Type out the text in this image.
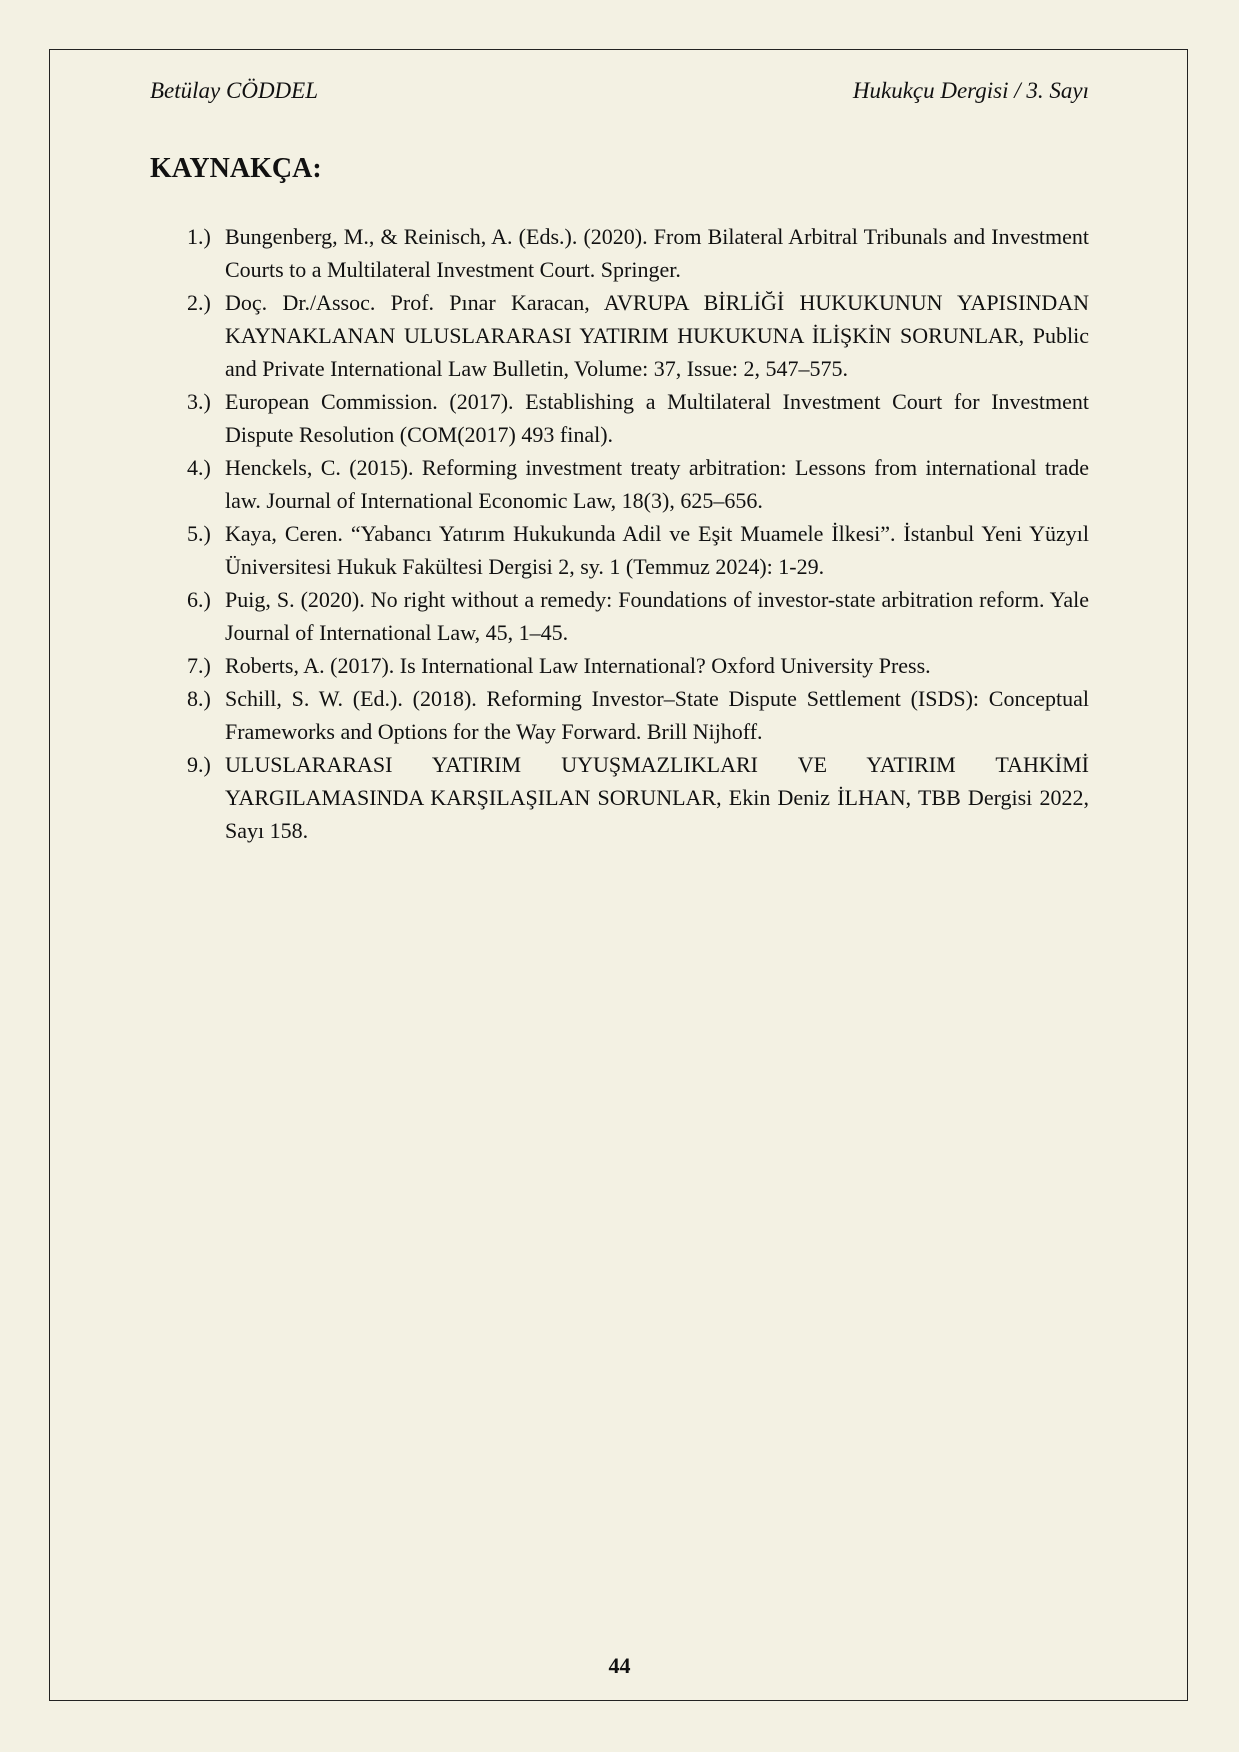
Betülay CÖDDEL	Hukukçu Dergisi / 3. Sayı
KAYNAKÇA:
1.) Bungenberg, M., & Reinisch, A. (Eds.). (2020). From Bilateral Arbitral Tribunals and Investment Courts to a Multilateral Investment Court. Springer.
2.) Doç. Dr./Assoc. Prof. Pınar Karacan, AVRUPA BİRLİĞİ HUKUKUNUN YAPISINDAN KAYNAKLANAN ULUSLARARASI YATIRIM HUKUKUNA İLİŞKİN SORUNLAR, Public and Private International Law Bulletin, Volume: 37, Issue: 2, 547–575.
3.) European Commission. (2017). Establishing a Multilateral Investment Court for Investment Dispute Resolution (COM(2017) 493 final).
4.) Henckels, C. (2015). Reforming investment treaty arbitration: Lessons from international trade law. Journal of International Economic Law, 18(3), 625–656.
5.) Kaya, Ceren. “Yabancı Yatırım Hukukunda Adil ve Eşit Muamele İlkesi”. İstanbul Yeni Yüzyıl Üniversitesi Hukuk Fakültesi Dergisi 2, sy. 1 (Temmuz 2024): 1-29.
6.) Puig, S. (2020). No right without a remedy: Foundations of investor-state arbitration reform. Yale Journal of International Law, 45, 1–45.
7.) Roberts, A. (2017). Is International Law International? Oxford University Press.
8.) Schill, S. W. (Ed.). (2018). Reforming Investor–State Dispute Settlement (ISDS): Conceptual Frameworks and Options for the Way Forward. Brill Nijhoff.
9.) ULUSLARARASI YATIRIM UYUŞMAZLIKLARI VE YATIRIM TAHKİMİ YARGILAMASINDA KARŞILAŞILAN SORUNLAR, Ekin Deniz İLHAN, TBB Dergisi 2022, Sayı 158.
44
